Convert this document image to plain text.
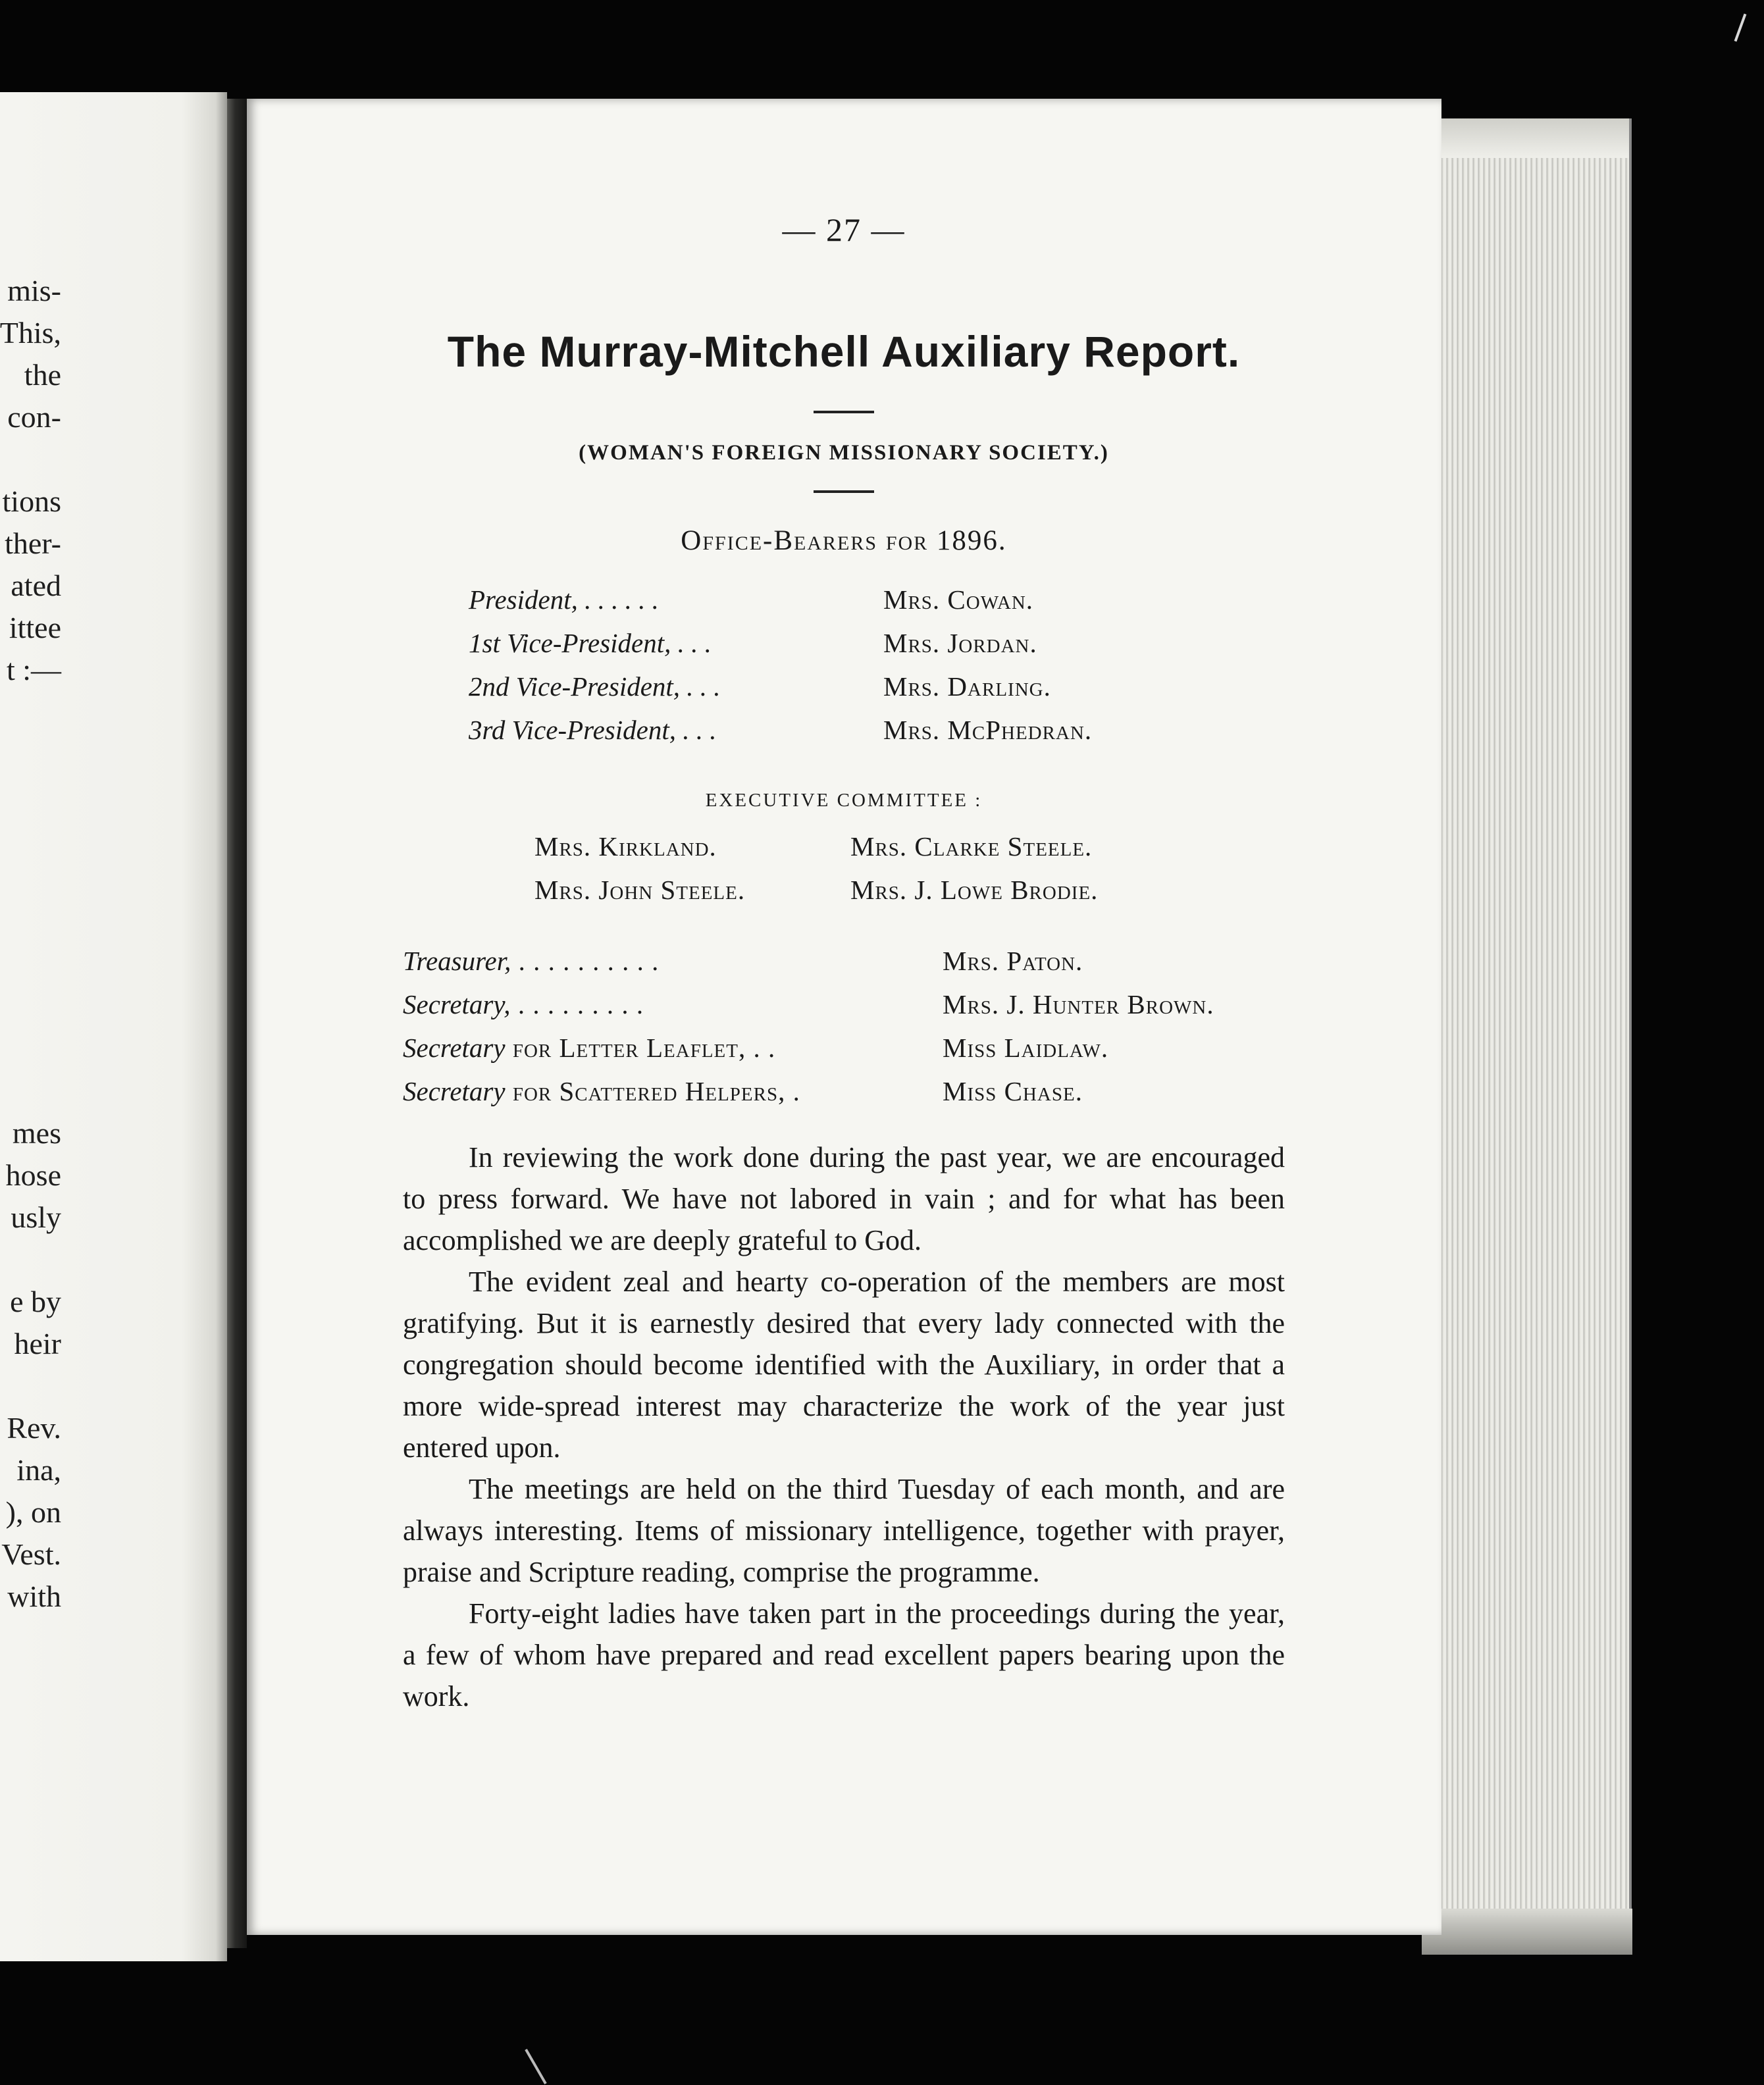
mis-
This,
the
con-
tions
ther-
ated
ittee
t :—
mes
hose
usly
e by
heir
Rev.
ina,
), on
Vest.
with
— 27 —
The Murray-Mitchell Auxiliary Report.
(WOMAN'S FOREIGN MISSIONARY SOCIETY.)
Office-Bearers for 1896.
President, . . . . . .	Mrs. Cowan.
1st Vice-President, . . .	Mrs. Jordan.
2nd Vice-President, . . .	Mrs. Darling.
3rd Vice-President, . . .	Mrs. McPhedran.
EXECUTIVE COMMITTEE :
Mrs. Kirkland.	Mrs. Clarke Steele.
Mrs. John Steele.	Mrs. J. Lowe Brodie.
Treasurer, . . . . . . . . . .	Mrs. Paton.
Secretary, . . . . . . . . .	Mrs. J. Hunter Brown.
Secretary for Letter Leaflet, . .	Miss Laidlaw.
Secretary for Scattered Helpers, .	Miss Chase.

In reviewing the work done during the past year, we are encouraged to press forward. We have not labored in vain ; and for what has been accomplished we are deeply grateful to God.

The evident zeal and hearty co-operation of the members are most gratifying. But it is earnestly desired that every lady connected with the congregation should become identified with the Auxiliary, in order that a more wide-spread interest may characterize the work of the year just entered upon.

The meetings are held on the third Tuesday of each month, and are always interesting. Items of missionary intelligence, together with prayer, praise and Scripture reading, comprise the programme.

Forty-eight ladies have taken part in the proceedings during the year, a few of whom have prepared and read excellent papers bearing upon the work.
